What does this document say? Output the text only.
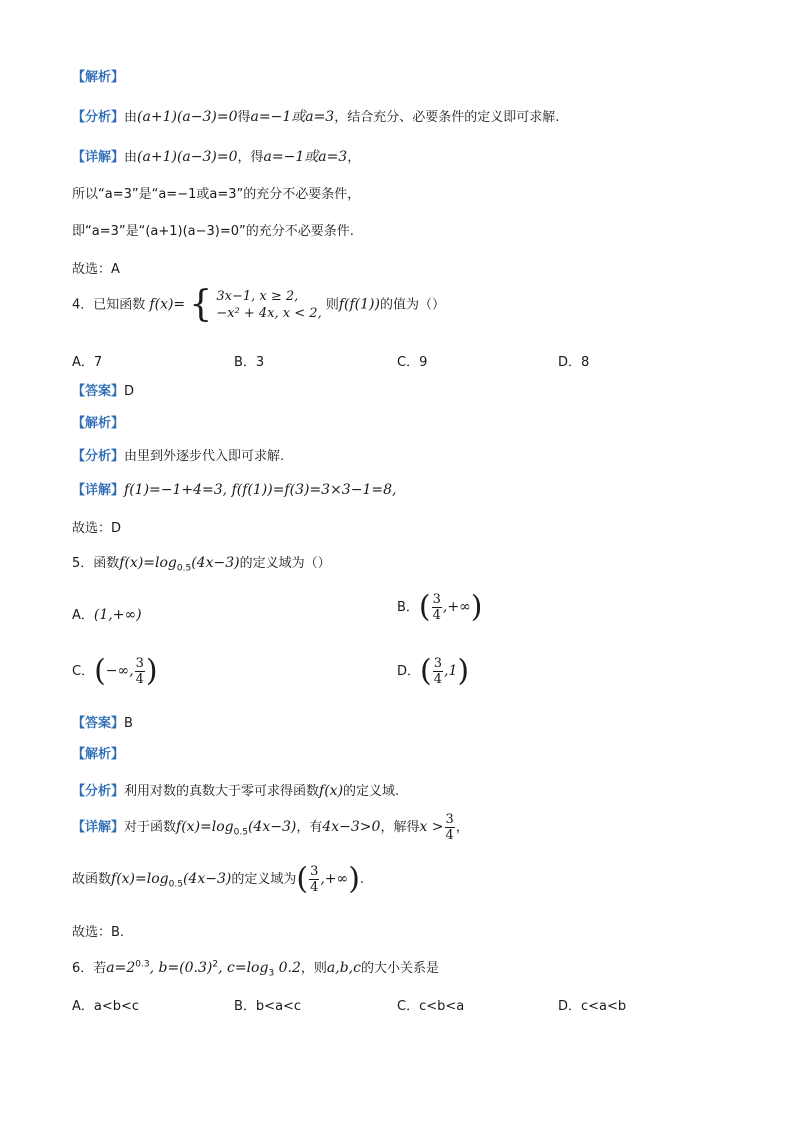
【解析】
【分析】由(a+1)(a−3)=0得a=−1或a=3，结合充分、必要条件的定义即可求解.
【详解】由(a+1)(a−3)=0，得a=−1或a=3，
所以“a=3”是“a=−1或a=3”的充分不必要条件，
即“a=3”是“(a+1)(a−3)=0”的充分不必要条件.
故选：A
4．已知函数 f(x)= { 3x−1, x ≥ 2,
−x² + 4x, x < 2,
则f(f(1))的值为（）
A．7	B．3	C．9	D．8
【答案】D
【解析】
【分析】由里到外逐步代入即可求解.
【详解】f(1)=−1+4=3, f(f(1))=f(3)=3×3−1=8,
故选：D
5．函数$f(x)=\log_{0.5}(4x-3)$的定义域为（）
A．(1,+∞)	B．( $\frac{3}{4}$ ,+∞)
C．(−∞, $\frac{3}{4}$ )	D．( $\frac{3}{4} ,1$)
【答案】B
【解析】
【分析】利用对数的真数大于零可求得函数f(x)的定义域.
【详解】对于函数$f(x)=\log_{0.5}(4x-3)$，有4x−3>0，解得$x > \frac{3}{4}$ ，
故函数$f(x)=\log_{0.5}(4x-3)$的定义域为( $\frac{3}{4}$ ,+∞).
故选：B.
6．若$a=2^{0.3}$, $b=(0.3)^2$, $c=\log_3$ 0.2，则a,b,c的大小关系是
A．a<b<c	B．b<a<c	C．c<b<a	D．c<a<b
